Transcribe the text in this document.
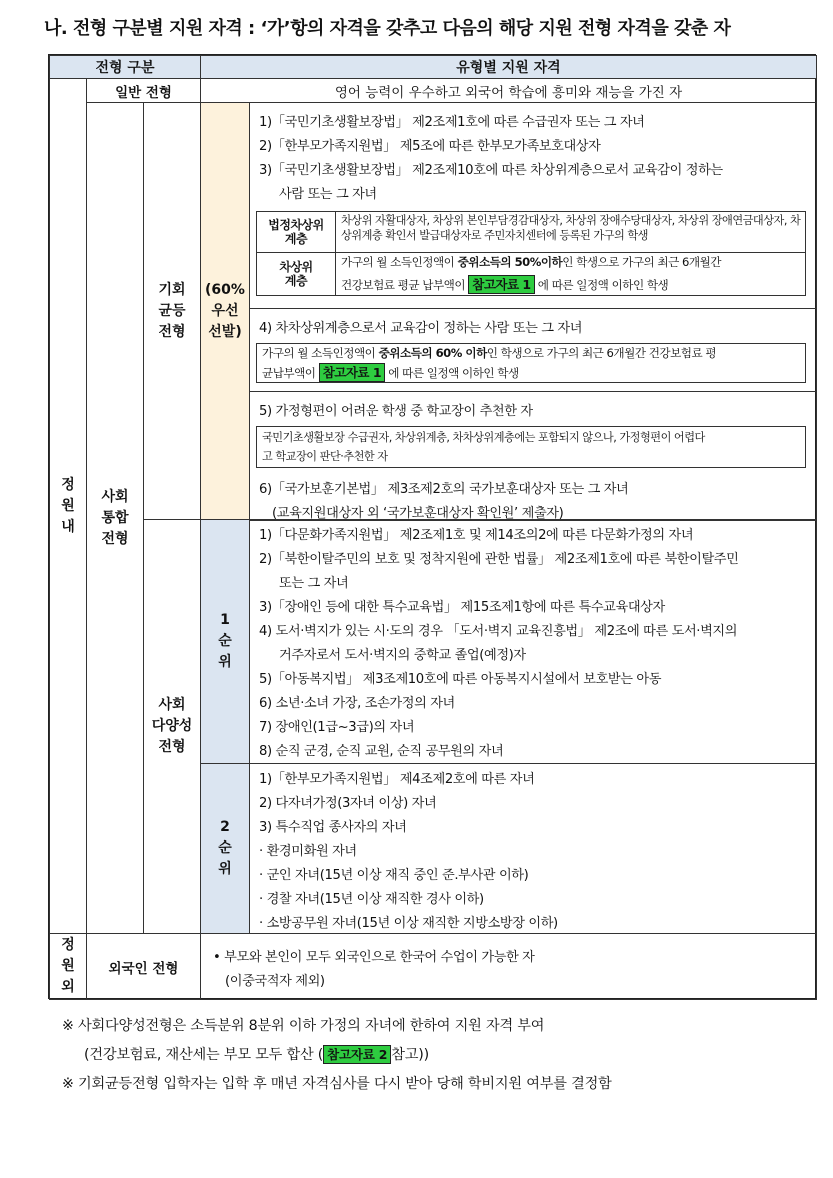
나. 전형 구분별 지원 자격 : ‘가’항의 자격을 갖추고 다음의 해당 지원 전형 자격을 갖춘 자
전형 구분	유형별 지원 자격
정
원
내
일반 전형	영어 능력이 우수하고 외국어 학습에 흥미와 재능을 가진 자
사회
통합
전형
기회
균등
전형
(60%
우선
선발)
1)「국민기초생활보장법」 제2조제1호에 따른 수급권자 또는 그 자녀
2)「한부모가족지원법」 제5조에 따른 한부모가족보호대상자
3)「국민기초생활보장법」 제2조제10호에 따른 차상위계층으로서 교육감이 정하는
사람 또는 그 자녀
법정차상위
계층
차상위 자활대상자, 차상위 본인부담경감대상자, 차상위 장애수당대상자, 차상위 장애연금대상자, 차상위계층 확인서 발급대상자로 주민자치센터에 등록된 가구의 학생
차상위
계층
가구의 월 소득인정액이 중위소득의 50%이하인 학생으로 가구의 최근 6개월간
건강보험료 평균 납부액이 참고자료 1 에 따른 일정액 이하인 학생
4) 차차상위계층으로서 교육감이 정하는 사람 또는 그 자녀
가구의 월 소득인정액이 중위소득의 60% 이하인 학생으로 가구의 최근 6개월간 건강보험료 평
균납부액이 참고자료 1 에 따른 일정액 이하인 학생
5) 가정형편이 어려운 학생 중 학교장이 추천한 자
국민기초생활보장 수급권자, 차상위계층, 차차상위계층에는 포함되지 않으나, 가정형편이 어렵다
고 학교장이 판단·추천한 자
6)「국가보훈기본법」 제3조제2호의 국가보훈대상자 또는 그 자녀
(교육지원대상자 외 ‘국가보훈대상자 확인원’ 제출자)
사회
다양성
전형
1
순
위
1)「다문화가족지원법」 제2조제1호 및 제14조의2에 따른 다문화가정의 자녀
2)「북한이탈주민의 보호 및 정착지원에 관한 법률」 제2조제1호에 따른 북한이탈주민
또는 그 자녀
3)「장애인 등에 대한 특수교육법」 제15조제1항에 따른 특수교육대상자
4) 도서·벽지가 있는 시·도의 경우 「도서·벽지 교육진흥법」 제2조에 따른 도서·벽지의
거주자로서 도서·벽지의 중학교 졸업(예정)자
5)「아동복지법」 제3조제10호에 따른 아동복지시설에서 보호받는 아동
6) 소년·소녀 가장, 조손가정의 자녀
7) 장애인(1급~3급)의 자녀
8) 순직 군경, 순직 교원, 순직 공무원의 자녀
2
순
위
1)「한부모가족지원법」 제4조제2호에 따른 자녀
2) 다자녀가정(3자녀 이상) 자녀
3) 특수직업 종사자의 자녀
· 환경미화원 자녀
· 군인 자녀(15년 이상 재직 중인 준.부사관 이하)
· 경찰 자녀(15년 이상 재직한 경사 이하)
· 소방공무원 자녀(15년 이상 재직한 지방소방장 이하)
정
원
외
외국인 전형
• 부모와 본인이 모두 외국인으로 한국어 수업이 가능한 자
(이중국적자 제외)
※ 사회다양성전형은 소득분위 8분위 이하 가정의 자녀에 한하여 지원 자격 부여
(건강보험료, 재산세는 부모 모두 합산 ( 참고자료 2 참고))
※ 기회균등전형 입학자는 입학 후 매년 자격심사를 다시 받아 당해 학비지원 여부를 결정함
